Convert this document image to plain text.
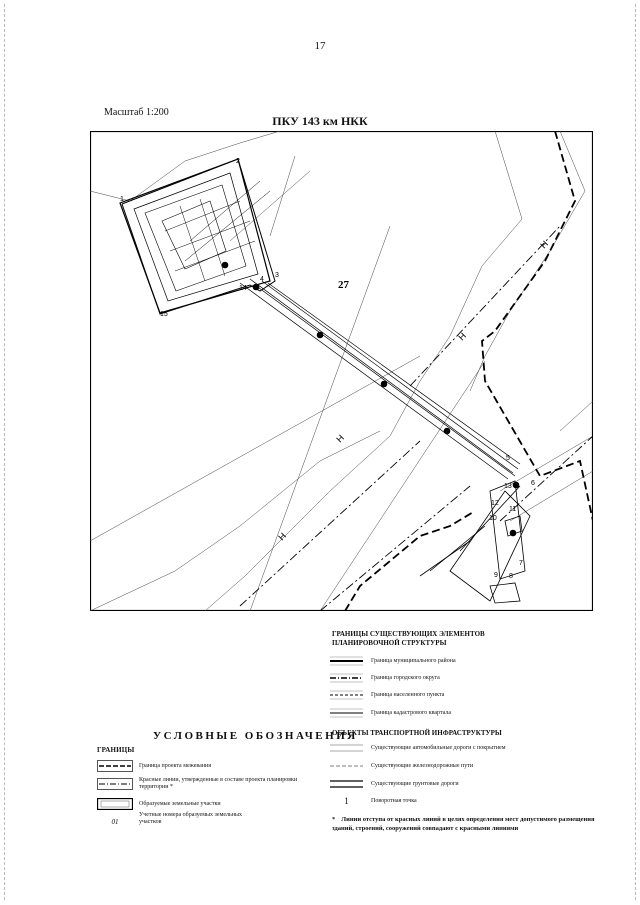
17
Масштаб 1:200
ПКУ 143 км НКК
1
2
3
4
5
6
7
8
9
10
11
12
13
14
15
27
Н
Н
Н
Н
ГРАНИЦЫ СУЩЕСТВУЮЩИХ ЭЛЕМЕНТОВ ПЛАНИРОВОЧНОЙ СТРУКТУРЫ
Граница муниципального района
Граница городского округа
Граница населенного пункта
Граница кадастрового квартала
ОБЪЕКТЫ ТРАНСПОРТНОЙ ИНФРАСТРУКТУРЫ
Существующие автомобильные дороги с покрытием
Существующие железнодорожные пути
Существующие грунтовые дороги
1	Поворотная точка
* Линии отступа от красных линий в целях определения мест допустимого размещения зданий, строений, сооружений совпадают с красными линиями
УСЛОВНЫЕ ОБОЗНАЧЕНИЯ
ГРАНИЦЫ
Граница проекта межевания
Красные линии, утвержденные в составе проекта планировки территории *
Образуемые земельные участки
01
Учетные номера образуемых земельных участков
